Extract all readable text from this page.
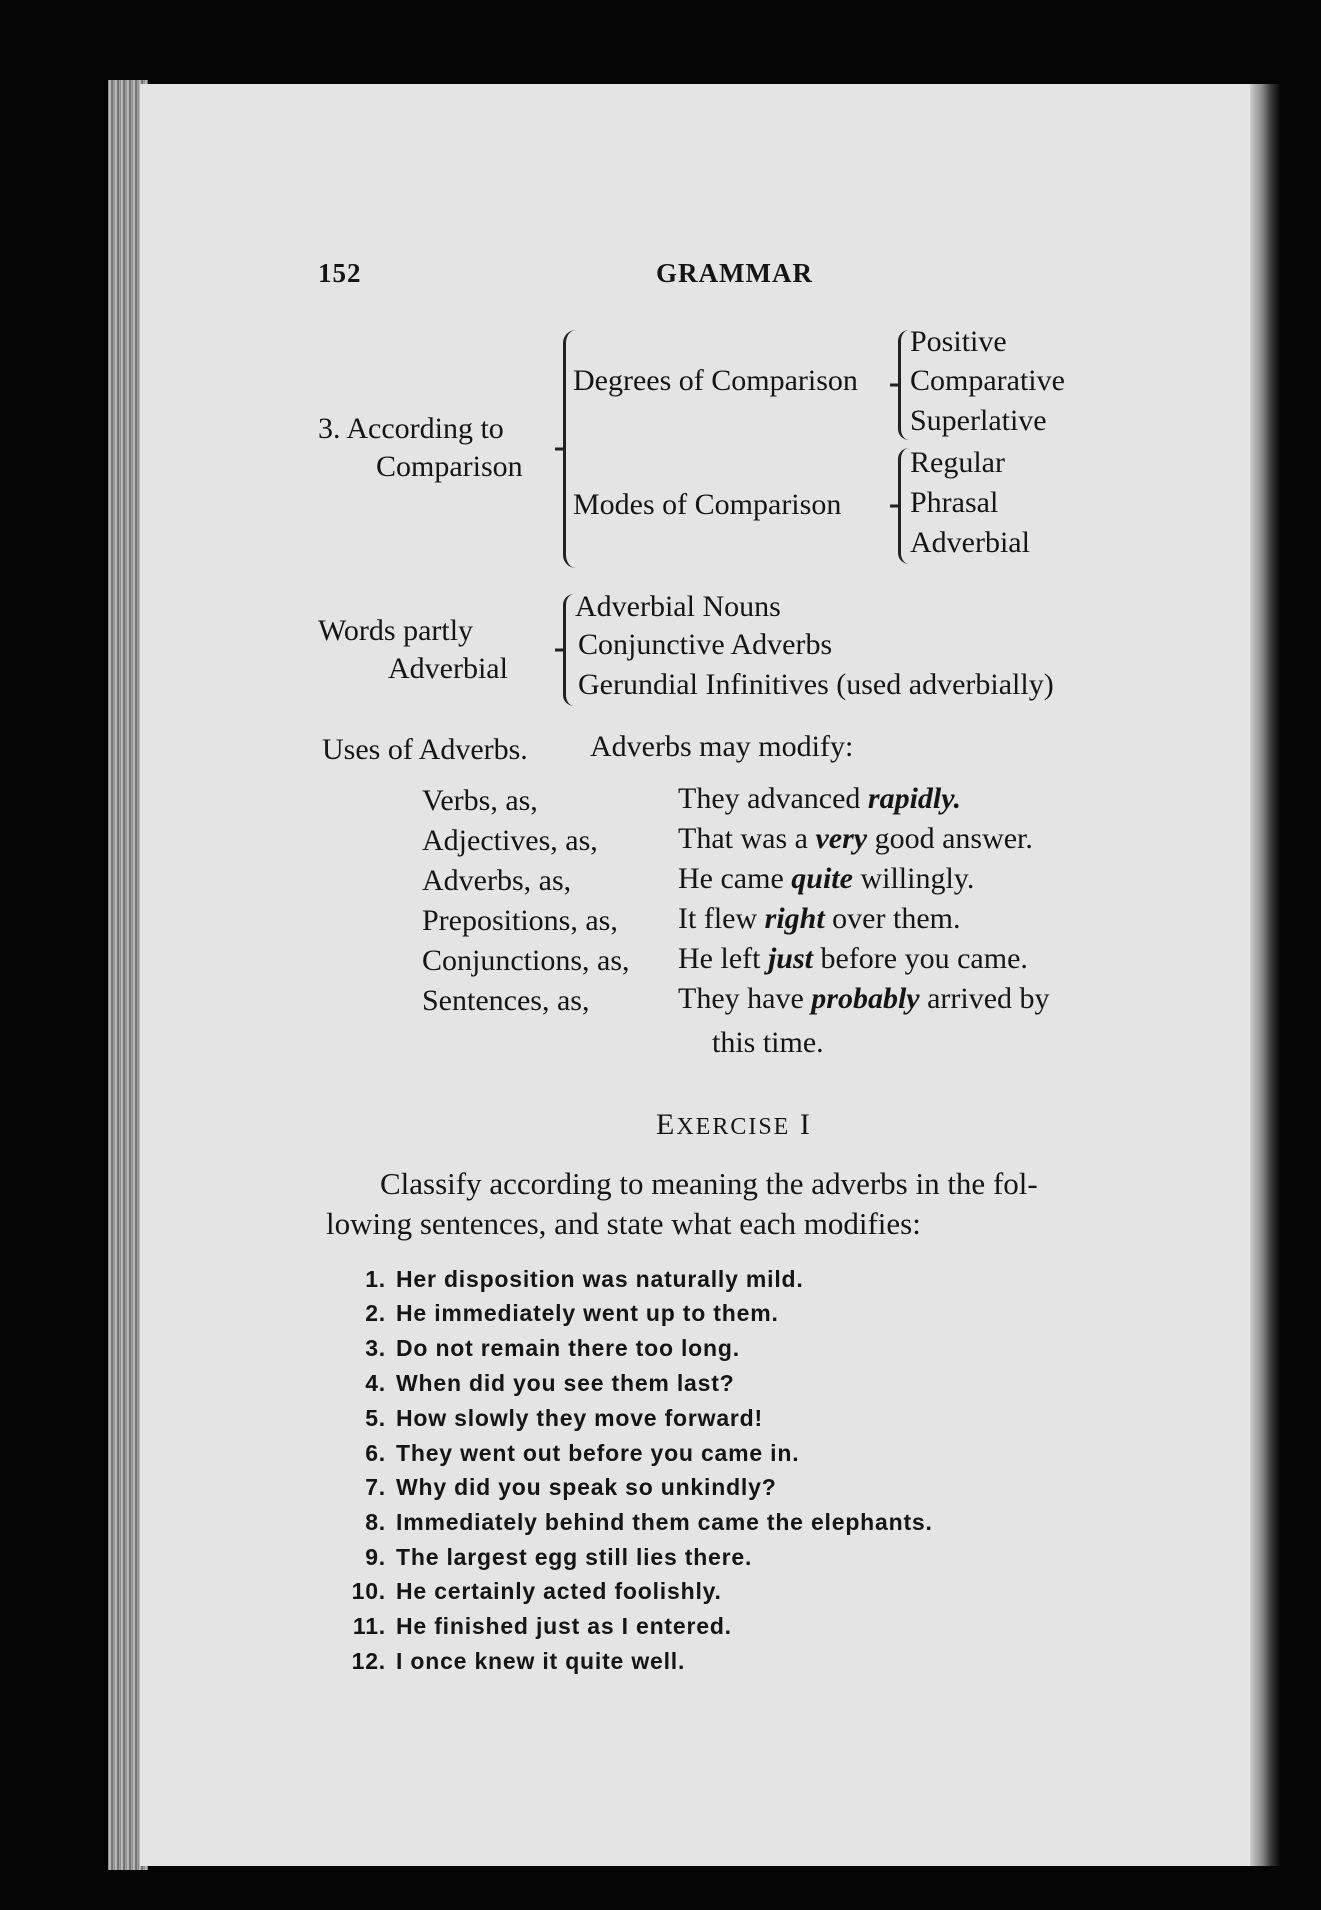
152	GRAMMAR
3. According to
Comparison
Degrees of Comparison
Positive
Comparative
Superlative
Modes of Comparison
Regular
Phrasal
Adverbial
Words partly
Adverbial
Adverbial Nouns
Conjunctive Adverbs
Gerundial Infinitives (used adverbially)
Uses of Adverbs. Adverbs may modify:
Verbs, as,	They advanced rapidly.
Adjectives, as,	That was a very good answer.
Adverbs, as,	He came quite willingly.
Prepositions, as, It flew right over them.
Conjunctions, as, He left just before you came.
Sentences, as,	They have probably arrived by
this time.
EXERCISE I
Classify according to meaning the adverbs in the fol-
lowing sentences, and state what each modifies:
1. Her disposition was naturally mild.
2. He immediately went up to them.
3. Do not remain there too long.
4. When did you see them last?
5. How slowly they move forward!
6. They went out before you came in.
7. Why did you speak so unkindly?
8. Immediately behind them came the elephants.
9. The largest egg still lies there.
10. He certainly acted foolishly.
11. He finished just as I entered.
12. I once knew it quite well.
